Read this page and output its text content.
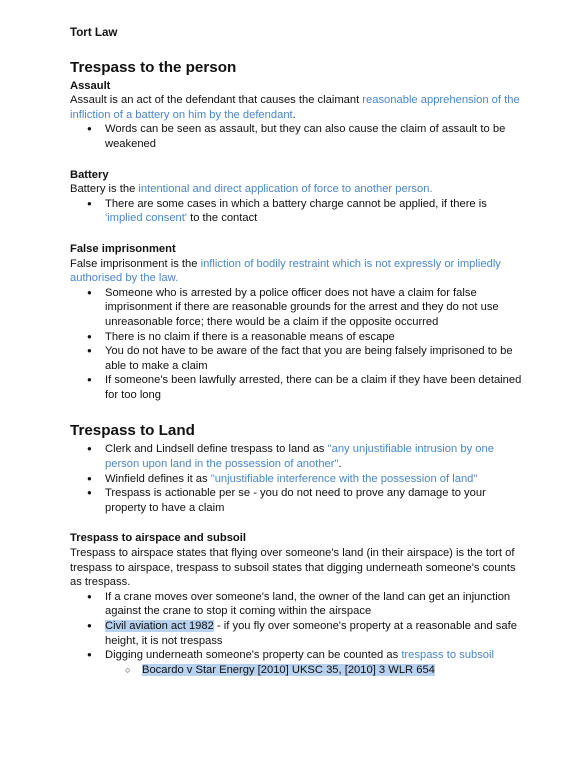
Tort Law
Trespass to the person
Assault

Assault is an act of the defendant that causes the claimant reasonable apprehension of the infliction of a battery on him by the defendant.

● Words can be seen as assault, but they can also cause the claim of assault to be weakened
Battery

Battery is the intentional and direct application of force to another person.

● There are some cases in which a battery charge cannot be applied, if there is 'implied consent' to the contact
False imprisonment

False imprisonment is the infliction of bodily restraint which is not expressly or impliedly authorised by the law.

● Someone who is arrested by a police officer does not have a claim for false imprisonment if there are reasonable grounds for the arrest and they do not use unreasonable force; there would be a claim if the opposite occurred
● There is no claim if there is a reasonable means of escape
● You do not have to be aware of the fact that you are being falsely imprisoned to be able to make a claim
● If someone's been lawfully arrested, there can be a claim if they have been detained for too long
Trespass to Land
● Clerk and Lindsell define trespass to land as "any unjustifiable intrusion by one person upon land in the possession of another".
● Winfield defines it as "unjustifiable interference with the possession of land"
● Trespass is actionable per se - you do not need to prove any damage to your property to have a claim
Trespass to airspace and subsoil

Trespass to airspace states that flying over someone's land (in their airspace) is the tort of trespass to airspace, trespass to subsoil states that digging underneath someone's counts as trespass.

● If a crane moves over someone's land, the owner of the land can get an injunction against the crane to stop it coming within the airspace
● Civil aviation act 1982 - if you fly over someone's property at a reasonable and safe height, it is not trespass
● Digging underneath someone's property can be counted as trespass to subsoil
○ Bocardo v Star Energy [2010] UKSC 35, [2010] 3 WLR 654
